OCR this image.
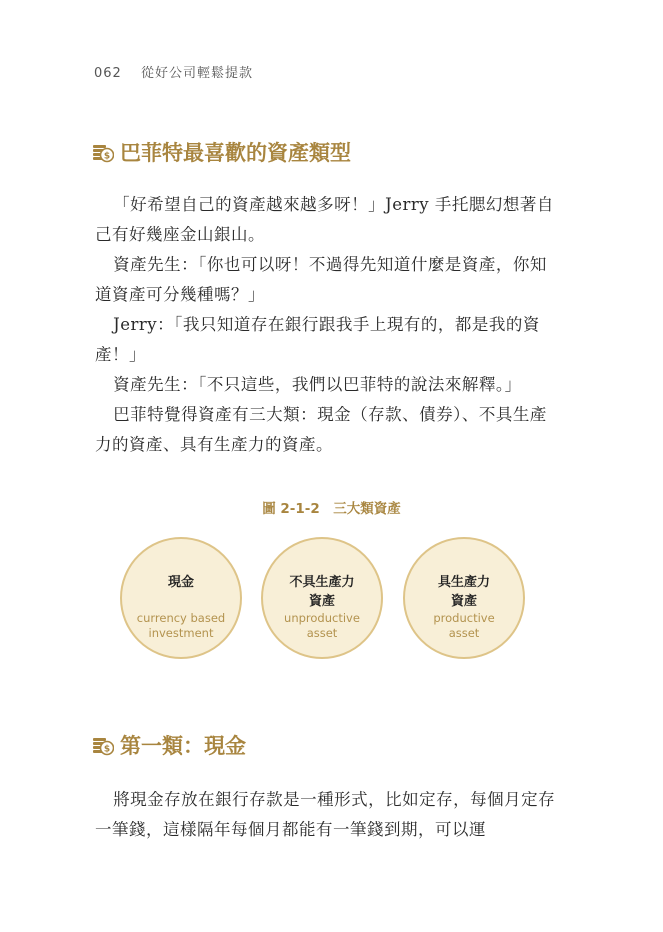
062 從好公司輕鬆提款
$ 巴菲特最喜歡的資產類型

「好希望自己的資產越來越多呀！」Jerry 手托腮幻想著自己有好幾座金山銀山。

資產先生：「你也可以呀！不過得先知道什麼是資產，你知道資產可分幾種嗎？」

Jerry：「我只知道存在銀行跟我手上現有的，都是我的資產！」

資產先生：「不只這些，我們以巴菲特的說法來解釋。」

巴菲特覺得資產有三大類：現金（存款、債券）、不具生產力的資產、具有生產力的資產。

圖 2-1-2　三大類資產
現金
currency based
investment
不具生產力
資產
unproductive
asset
具生產力
資產
productive
asset
$ 第一類：現金

將現金存放在銀行存款是一種形式，比如定存，每個月定存一筆錢，這樣隔年每個月都能有一筆錢到期，可以運
